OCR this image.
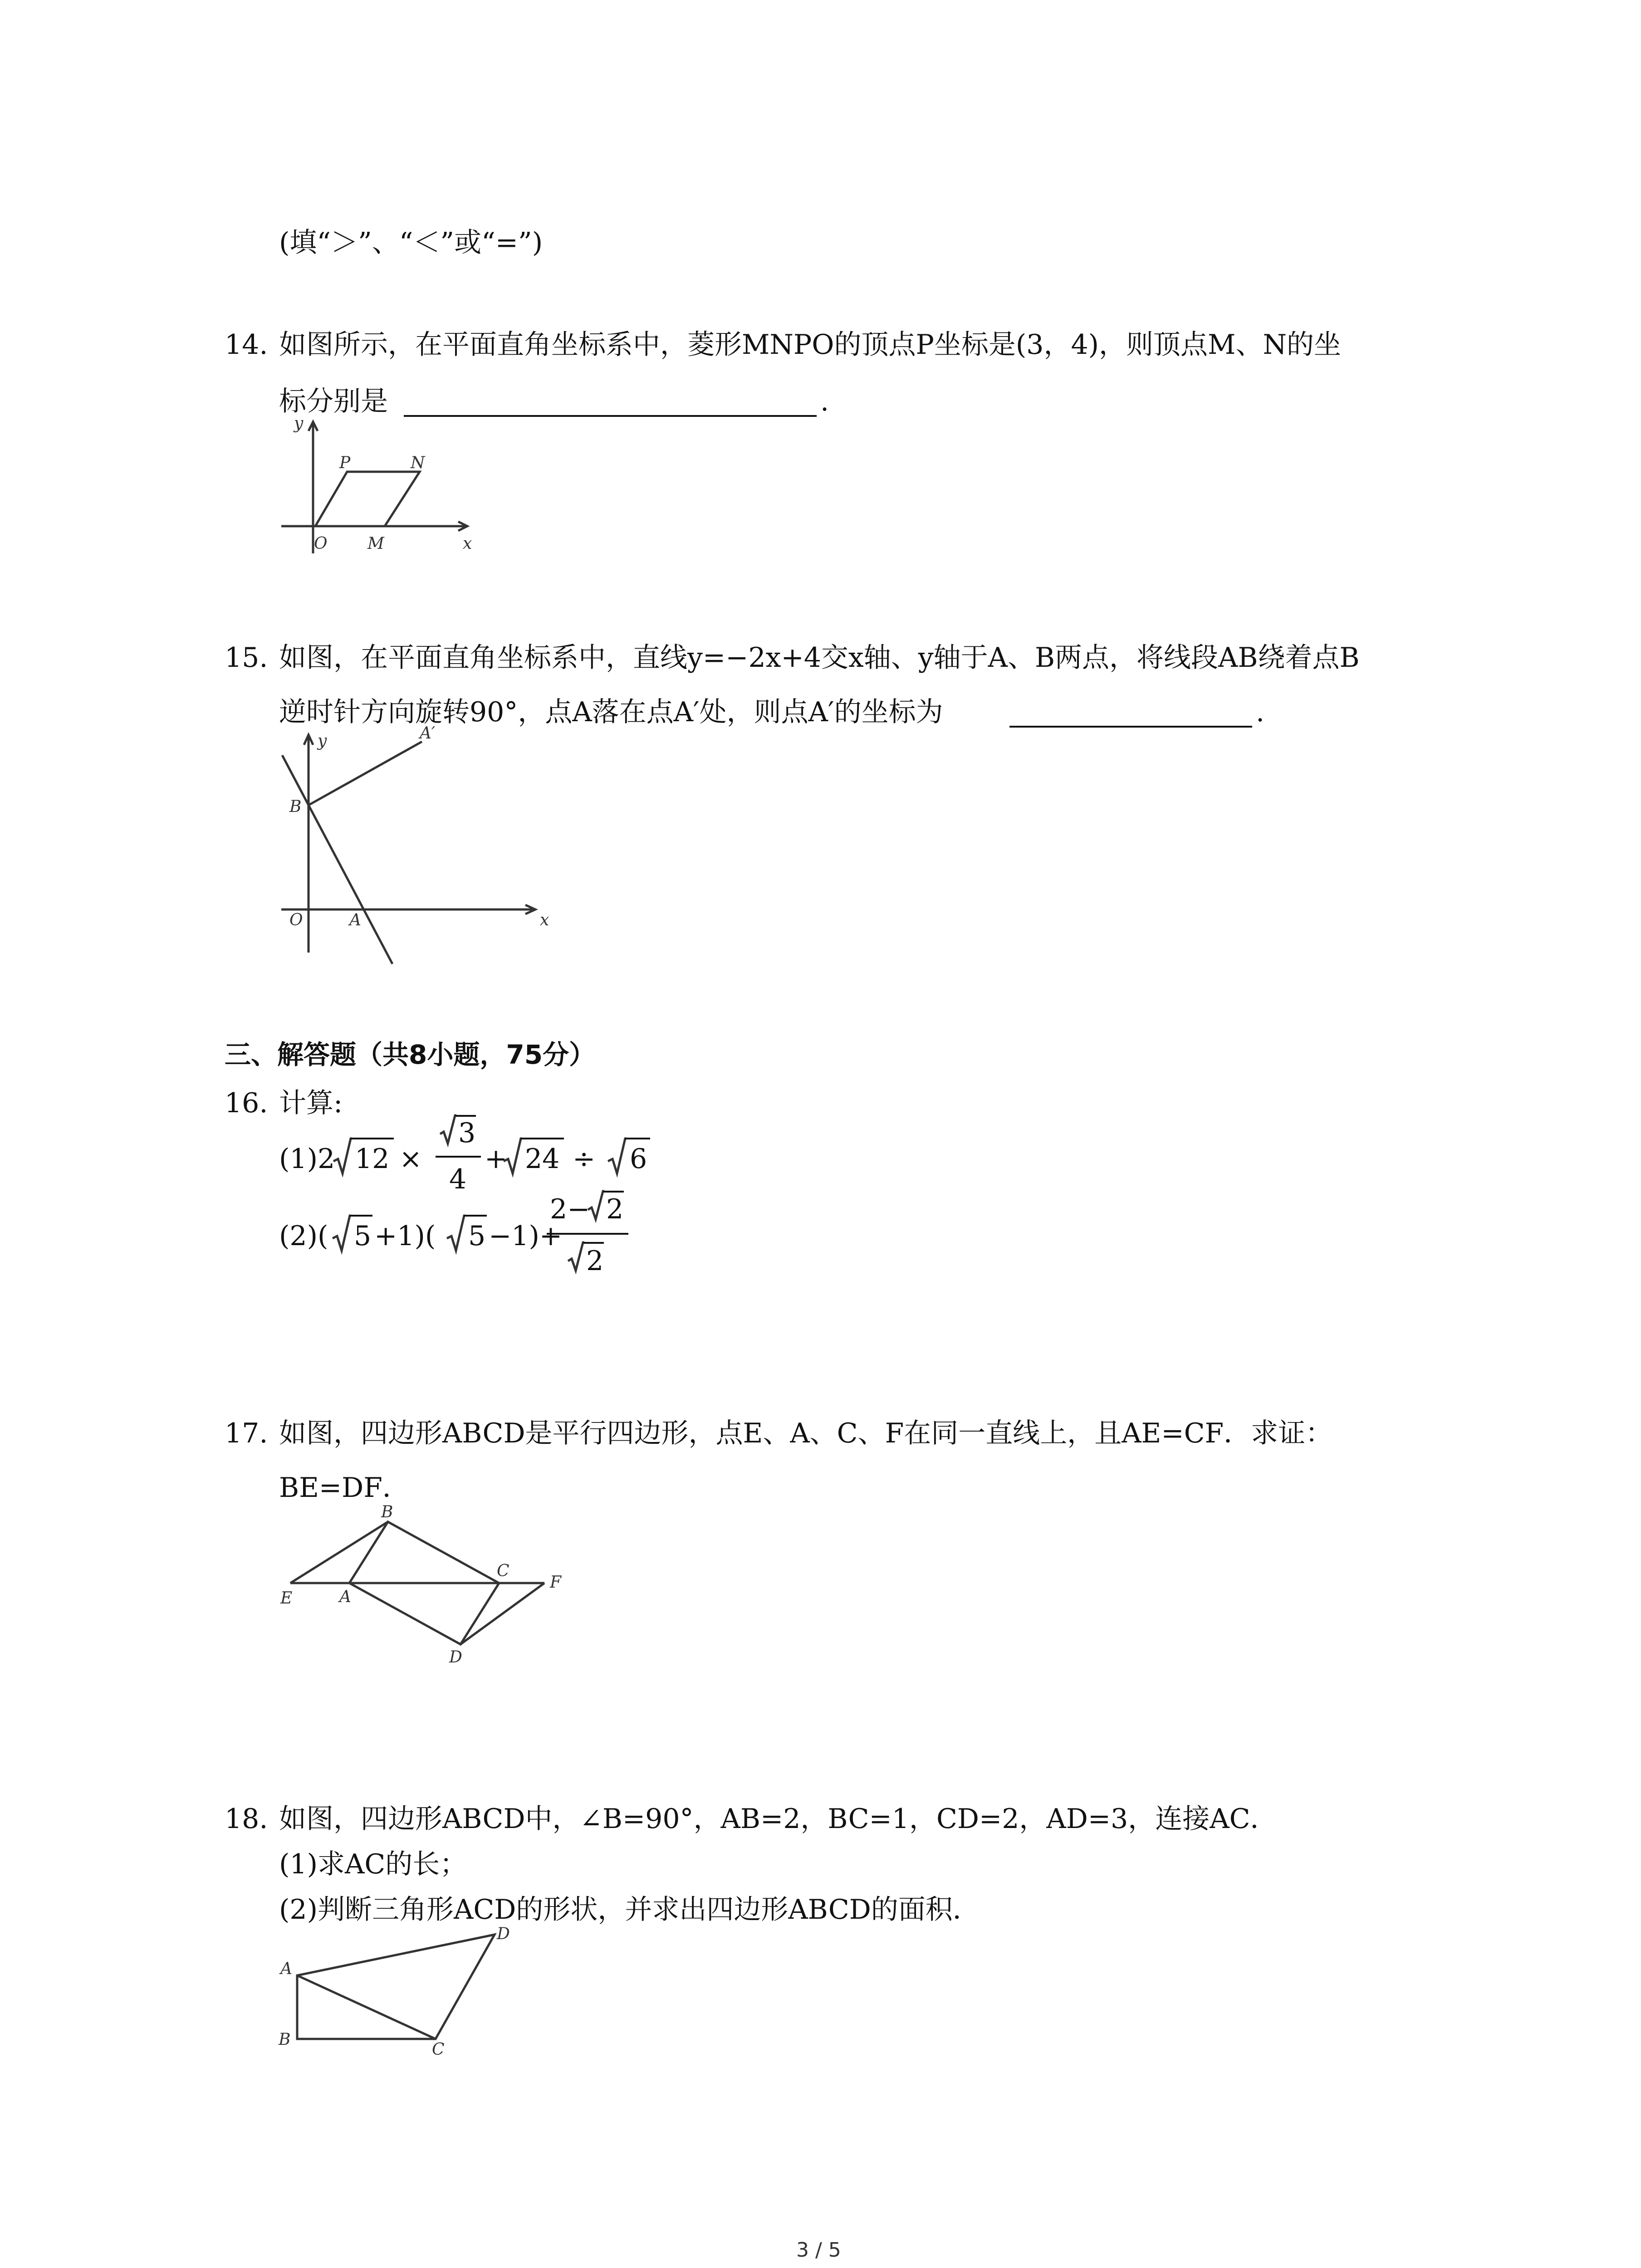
(填“＞”、“＜”或“=”)
14. 如图所示，在平面直角坐标系中，菱形MNPO的顶点P坐标是(3，4)，则顶点M、N的坐
标分别是	.
y
x
O
P	N
M
15. 如图，在平面直角坐标系中，直线y=−2x+4交x轴、y轴于A、B两点，将线段AB绕着点B
逆时针方向旋转90°，点A落在点A′处，则点A′的坐标为	.
y
x
O	A
B
A′
三、解答题（共8小题，75分）
16. 计算:
(1)2 12 ×
3
4
+ 24 ÷ 6
(2)( 5 +1)( 5 −1)+
2− 2
2
17. 如图，四边形ABCD是平行四边形，点E、A、C、F在同一直线上，且AE=CF．求证：
BE=DF．
B
C
F
E	A
D
18. 如图，四边形ABCD中，∠B=90°，AB=2，BC=1，CD=2，AD=3，连接AC．
(1)求AC的长；
(2)判断三角形ACD的形状，并求出四边形ABCD的面积．
A
B
C
D
3 / 5
